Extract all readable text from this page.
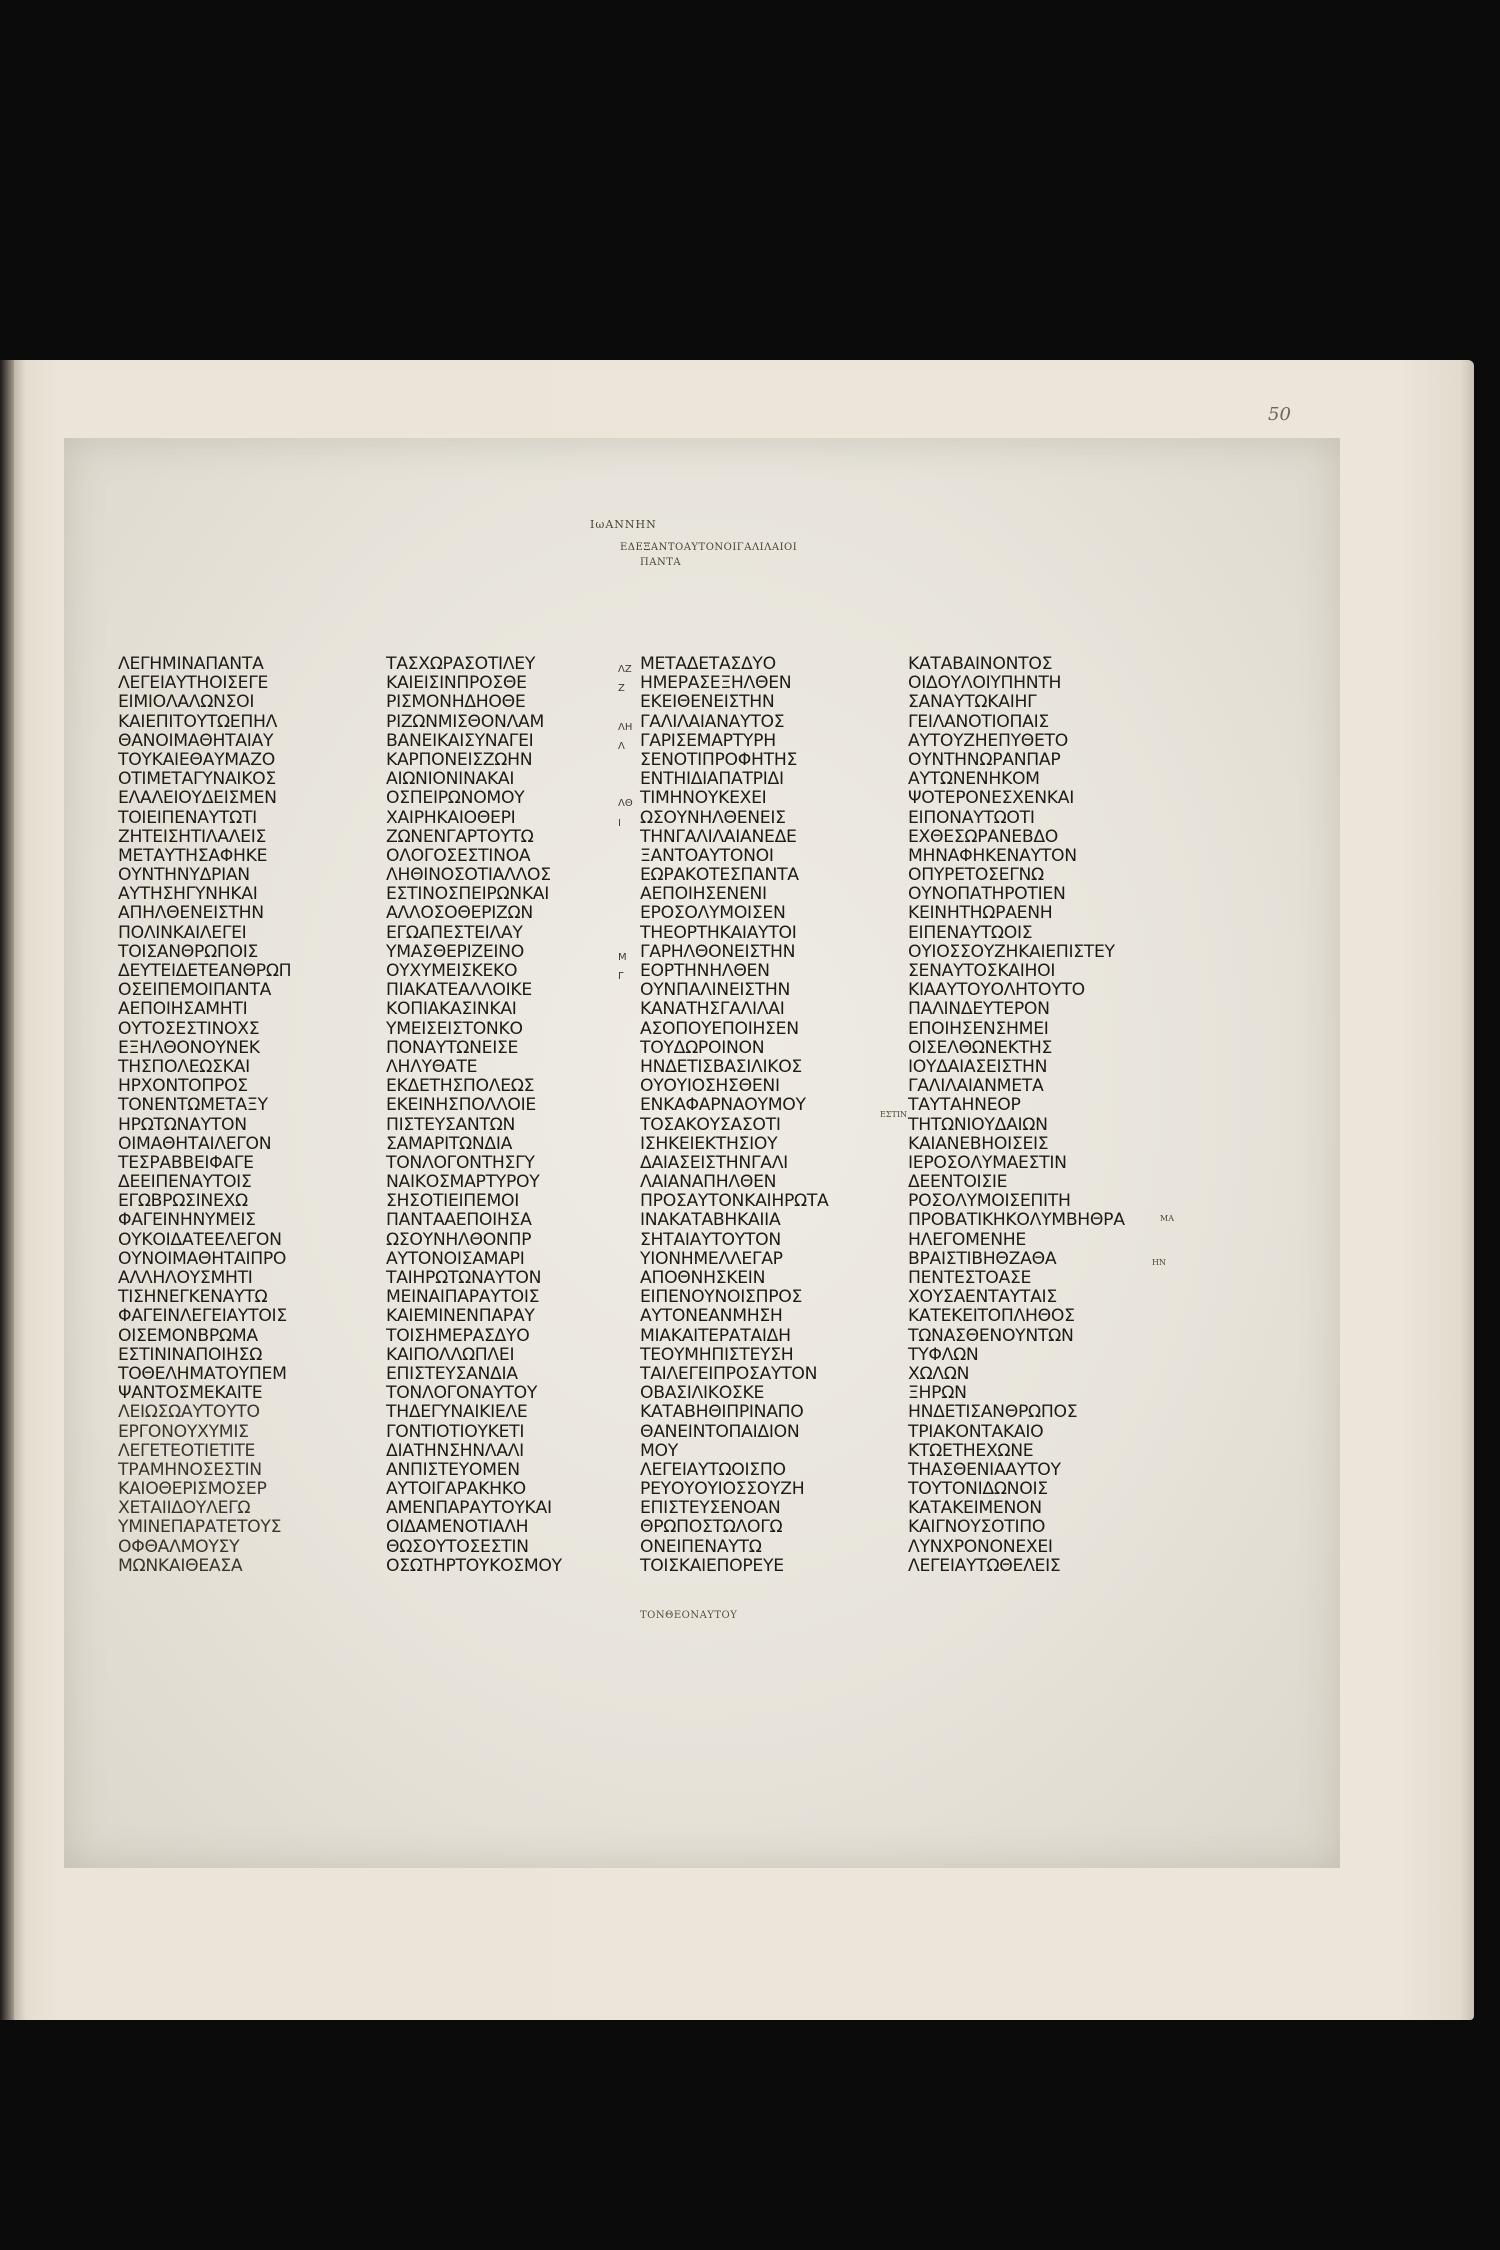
50
ΙωΑΝΝΗΝ
ΕΔΕΞΑΝΤΟΑΥΤΟΝΟΙΓΑΛΙΛΑΙΟΙ
ΠΑΝΤΑ
ΛΕΓΗΜΙΝΑΠΑΝΤΑ
ΛΕΓΕΙΑΥΤΗΟΙΣΕΓΕ
ΕΙΜΙΟΛΑΛΩΝΣΟΙ
ΚΑΙΕΠΙΤΟΥΤΩΕΠΗΛ
ΘΑΝΟΙΜΑΘΗΤΑΙΑΥ
ΤΟΥΚΑΙΕΘΑΥΜΑΖΟ
ΟΤΙΜΕΤΑΓΥΝΑΙΚΟΣ
ΕΛΑΛΕΙΟΥΔΕΙΣΜΕΝ
ΤΟΙΕΙΠΕΝΑΥΤΩΤΙ
ΖΗΤΕΙΣΗΤΙΛΑΛΕΙΣ
ΜΕΤΑΥΤΗΣΑΦΗΚΕ
ΟΥΝΤΗΝΥΔΡΙΑΝ
ΑΥΤΗΣΗΓΥΝΗΚΑΙ
ΑΠΗΛΘΕΝΕΙΣΤΗΝ
ΠΟΛΙΝΚΑΙΛΕΓΕΙ
ΤΟΙΣΑΝΘΡΩΠΟΙΣ
ΔΕΥΤΕΙΔΕΤΕΑΝΘΡΩΠ
ΟΣΕΙΠΕΜΟΙΠΑΝΤΑ
ΑΕΠΟΙΗΣΑΜΗΤΙ
ΟΥΤΟΣΕΣΤΙΝΟΧΣ
ΕΞΗΛΘΟΝΟΥΝΕΚ
ΤΗΣΠΟΛΕΩΣΚΑΙ
ΗΡΧΟΝΤΟΠΡΟΣ
ΤΟΝΕΝΤΩΜΕΤΑΞΥ
ΗΡΩΤΩΝΑΥΤΟΝ
ΟΙΜΑΘΗΤΑΙΛΕΓΟΝ
ΤΕΣΡΑΒΒΕΙΦΑΓΕ
ΔΕΕΙΠΕΝΑΥΤΟΙΣ
ΕΓΩΒΡΩΣΙΝΕΧΩ
ΦΑΓΕΙΝΗΝΥΜΕΙΣ
ΟΥΚΟΙΔΑΤΕΕΛΕΓΟΝ
ΟΥΝΟΙΜΑΘΗΤΑΙΠΡΟ
ΑΛΛΗΛΟΥΣΜΗΤΙ
ΤΙΣΗΝΕΓΚΕΝΑΥΤΩ
ΦΑΓΕΙΝΛΕΓΕΙΑΥΤΟΙΣ
ΟΙΣΕΜΟΝΒΡΩΜΑ
ΕΣΤΙΝΙΝΑΠΟΙΗΣΩ
ΤΟΘΕΛΗΜΑΤΟΥΠΕΜ
ΨΑΝΤΟΣΜΕΚΑΙΤΕ
ΛΕΙΩΣΩΑΥΤΟΥΤΟ
ΕΡΓΟΝΟΥΧΥΜΙΣ
ΛΕΓΕΤΕΟΤΙΕΤΙΤΕ
ΤΡΑΜΗΝΟΣΕΣΤΙΝ
ΚΑΙΟΘΕΡΙΣΜΟΣΕΡ
ΧΕΤΑΙΙΔΟΥΛΕΓΩ
ΥΜΙΝΕΠΑΡΑΤΕΤΟΥΣ
ΟΦΘΑΛΜΟΥΣΥ
ΜΩΝΚΑΙΘΕΑΣΑ
ΤΑΣΧΩΡΑΣΟΤΙΛΕΥ
ΚΑΙΕΙΣΙΝΠΡΟΣΘΕ
ΡΙΣΜΟΝΗΔΗΟΘΕ
ΡΙΖΩΝΜΙΣΘΟΝΛΑΜ
ΒΑΝΕΙΚΑΙΣΥΝΑΓΕΙ
ΚΑΡΠΟΝΕΙΣΖΩΗΝ
ΑΙΩΝΙΟΝΙΝΑΚΑΙ
ΟΣΠΕΙΡΩΝΟΜΟΥ
ΧΑΙΡΗΚΑΙΟΘΕΡΙ
ΖΩΝΕΝΓΑΡΤΟΥΤΩ
ΟΛΟΓΟΣΕΣΤΙΝΟΑ
ΛΗΘΙΝΟΣΟΤΙΑΛΛΟΣ
ΕΣΤΙΝΟΣΠΕΙΡΩΝΚΑΙ
ΑΛΛΟΣΟΘΕΡΙΖΩΝ
ΕΓΩΑΠΕΣΤΕΙΛΑΥ
ΥΜΑΣΘΕΡΙΖΕΙΝΟ
ΟΥΧΥΜΕΙΣΚΕΚΟ
ΠΙΑΚΑΤΕΑΛΛΟΙΚΕ
ΚΟΠΙΑΚΑΣΙΝΚΑΙ
ΥΜΕΙΣΕΙΣΤΟΝΚΟ
ΠΟΝΑΥΤΩΝΕΙΣΕ
ΛΗΛΥΘΑΤΕ
ΕΚΔΕΤΗΣΠΟΛΕΩΣ
ΕΚΕΙΝΗΣΠΟΛΛΟΙΕ
ΠΙΣΤΕΥΣΑΝΤΩΝ
ΣΑΜΑΡΙΤΩΝΔΙΑ
ΤΟΝΛΟΓΟΝΤΗΣΓΥ
ΝΑΙΚΟΣΜΑΡΤΥΡΟΥ
ΣΗΣΟΤΙΕΙΠΕΜΟΙ
ΠΑΝΤΑΑΕΠΟΙΗΣΑ
ΩΣΟΥΝΗΛΘΟΝΠΡ
ΑΥΤΟΝΟΙΣΑΜΑΡΙ
ΤΑΙΗΡΩΤΩΝΑΥΤΟΝ
ΜΕΙΝΑΙΠΑΡΑΥΤΟΙΣ
ΚΑΙΕΜΙΝΕΝΠΑΡΑΥ
ΤΟΙΣΗΜΕΡΑΣΔΥΟ
ΚΑΙΠΟΛΛΩΠΛΕΙ
ΕΠΙΣΤΕΥΣΑΝΔΙΑ
ΤΟΝΛΟΓΟΝΑΥΤΟΥ
ΤΗΔΕΓΥΝΑΙΚΙΕΛΕ
ΓΟΝΤΙΟΤΙΟΥΚΕΤΙ
ΔΙΑΤΗΝΣΗΝΛΑΛΙ
ΑΝΠΙΣΤΕΥΟΜΕΝ
ΑΥΤΟΙΓΑΡΑΚΗΚΟ
ΑΜΕΝΠΑΡΑΥΤΟΥΚΑΙ
ΟΙΔΑΜΕΝΟΤΙΑΛΗ
ΘΩΣΟΥΤΟΣΕΣΤΙΝ
ΟΣΩΤΗΡΤΟΥΚΟΣΜΟΥ
ΜΕΤΑΔΕΤΑΣΔΥΟ
ΗΜΕΡΑΣΕΞΗΛΘΕΝ
ΕΚΕΙΘΕΝΕΙΣΤΗΝ
ΓΑΛΙΛΑΙΑΝΑΥΤΟΣ
ΓΑΡΙΣΕΜΑΡΤΥΡΗ
ΣΕΝΟΤΙΠΡΟΦΗΤΗΣ
ΕΝΤΗΙΔΙΑΠΑΤΡΙΔΙ
ΤΙΜΗΝΟΥΚΕΧΕΙ
ΩΣΟΥΝΗΛΘΕΝΕΙΣ
ΤΗΝΓΑΛΙΛΑΙΑΝΕΔΕ
ΞΑΝΤΟΑΥΤΟΝΟΙ
ΕΩΡΑΚΟΤΕΣΠΑΝΤΑ
ΑΕΠΟΙΗΣΕΝΕΝΙ
ΕΡΟΣΟΛΥΜΟΙΣΕΝ
ΤΗΕΟΡΤΗΚΑΙΑΥΤΟΙ
ΓΑΡΗΛΘΟΝΕΙΣΤΗΝ
ΕΟΡΤΗΝΗΛΘΕΝ
ΟΥΝΠΑΛΙΝΕΙΣΤΗΝ
ΚΑΝΑΤΗΣΓΑΛΙΛΑΙ
ΑΣΟΠΟΥΕΠΟΙΗΣΕΝ
ΤΟΥΔΩΡΟΙΝΟΝ
ΗΝΔΕΤΙΣΒΑΣΙΛΙΚΟΣ
ΟΥΟΥΙΟΣΗΣΘΕΝΙ
ΕΝΚΑΦΑΡΝΑΟΥΜΟΥ
ΤΟΣΑΚΟΥΣΑΣΟΤΙ
ΙΣΗΚΕΙΕΚΤΗΣΙΟΥ
ΔΑΙΑΣΕΙΣΤΗΝΓΑΛΙ
ΛΑΙΑΝΑΠΗΛΘΕΝ
ΠΡΟΣΑΥΤΟΝΚΑΙΗΡΩΤΑ
ΙΝΑΚΑΤΑΒΗΚΑΙΙΑ
ΣΗΤΑΙΑΥΤΟΥΤΟΝ
ΥΙΟΝΗΜΕΛΛΕΓΑΡ
ΑΠΟΘΝΗΣΚΕΙΝ
ΕΙΠΕΝΟΥΝΟΙΣΠΡΟΣ
ΑΥΤΟΝΕΑΝΜΗΣΗ
ΜΙΑΚΑΙΤΕΡΑΤΑΙΔΗ
ΤΕΟΥΜΗΠΙΣΤΕΥΣΗ
ΤΑΙΛΕΓΕΙΠΡΟΣΑΥΤΟΝ
ΟΒΑΣΙΛΙΚΟΣΚΕ
ΚΑΤΑΒΗΘΙΠΡΙΝΑΠΟ
ΘΑΝΕΙΝΤΟΠΑΙΔΙΟΝ
ΜΟΥ
ΛΕΓΕΙΑΥΤΩΟΙΣΠΟ
ΡΕΥΟΥΟΥΙΟΣΣΟΥΖΗ
ΕΠΙΣΤΕΥΣΕΝΟΑΝ
ΘΡΩΠΟΣΤΩΛΟΓΩ
ΟΝΕΙΠΕΝΑΥΤΩ
ΤΟΙΣΚΑΙΕΠΟΡΕΥΕ
ΚΑΤΑΒΑΙΝΟΝΤΟΣ
ΟΙΔΟΥΛΟΙΥΠΗΝΤΗ
ΣΑΝΑΥΤΩΚΑΙΗΓ
ΓΕΙΛΑΝΟΤΙΟΠΑΙΣ
ΑΥΤΟΥΖΗΕΠΥΘΕΤΟ
ΟΥΝΤΗΝΩΡΑΝΠΑΡ
ΑΥΤΩΝΕΝΗΚΟΜ
ΨΟΤΕΡΟΝΕΣΧΕΝΚΑΙ
ΕΙΠΟΝΑΥΤΩΟΤΙ
ΕΧΘΕΣΩΡΑΝΕΒΔΟ
ΜΗΝΑΦΗΚΕΝΑΥΤΟΝ
ΟΠΥΡΕΤΟΣΕΓΝΩ
ΟΥΝΟΠΑΤΗΡΟΤΙΕΝ
ΚΕΙΝΗΤΗΩΡΑΕΝΗ
ΕΙΠΕΝΑΥΤΩΟΙΣ
ΟΥΙΟΣΣΟΥΖΗΚΑΙΕΠΙΣΤΕΥ
ΣΕΝΑΥΤΟΣΚΑΙΗΟΙ
ΚΙΑΑΥΤΟΥΟΛΗΤΟΥΤΟ
ΠΑΛΙΝΔΕΥΤΕΡΟΝ
ΕΠΟΙΗΣΕΝΣΗΜΕΙ
ΟΙΣΕΛΘΩΝΕΚΤΗΣ
ΙΟΥΔΑΙΑΣΕΙΣΤΗΝ
ΓΑΛΙΛΑΙΑΝΜΕΤΑ
ΤΑΥΤΑΗΝΕΟΡ
ΤΗΤΩΝΙΟΥΔΑΙΩΝ
ΚΑΙΑΝΕΒΗΟΙΣΕΙΣ
ΙΕΡΟΣΟΛΥΜΑΕΣΤΙΝ
ΔΕΕΝΤΟΙΣΙΕ
ΡΟΣΟΛΥΜΟΙΣΕΠΙΤΗ
ΠΡΟΒΑΤΙΚΗΚΟΛΥΜΒΗΘΡΑ
ΗΛΕΓΟΜΕΝΗΕ
ΒΡΑΙΣΤΙΒΗΘΖΑΘΑ
ΠΕΝΤΕΣΤΟΑΣΕ
ΧΟΥΣΑΕΝΤΑΥΤΑΙΣ
ΚΑΤΕΚΕΙΤΟΠΛΗΘΟΣ
ΤΩΝΑΣΘΕΝΟΥΝΤΩΝ
ΤΥΦΛΩΝ
ΧΩΛΩΝ
ΞΗΡΩΝ
ΗΝΔΕΤΙΣΑΝΘΡΩΠΟΣ
ΤΡΙΑΚΟΝΤΑΚΑΙΟ
ΚΤΩΕΤΗΕΧΩΝΕ
ΤΗΑΣΘΕΝΙΑΑΥΤΟΥ
ΤΟΥΤΟΝΙΔΩΝΟΙΣ
ΚΑΤΑΚΕΙΜΕΝΟΝ
ΚΑΙΓΝΟΥΣΟΤΙΠΟ
ΛΥΝΧΡΟΝΟΝΕΧΕΙ
ΛΕΓΕΙΑΥΤΩΘΕΛΕΙΣ
ΛΖ
Ζ
ΛΗ
Λ
ΛΘ
Ι
Μ
Γ
ΕΣΤΙΝ
ΜΑ
ΗΝ
ΤΟΝΘΕΟΝΑΥΤΟΥ
